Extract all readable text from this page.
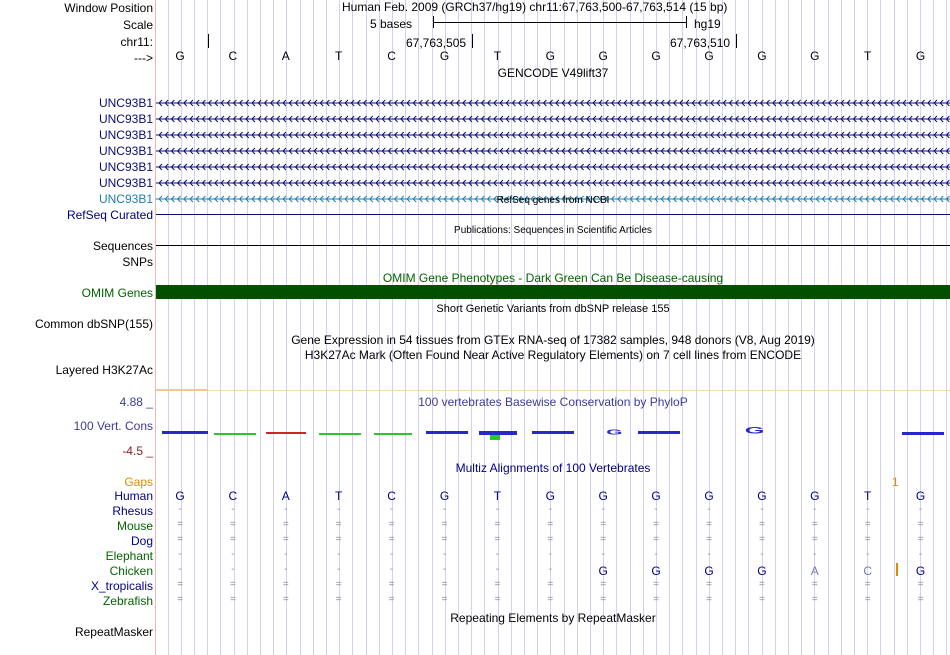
Window Position	Human Feb. 2009 (GRCh37/hg19) chr11:67,763,500-67,763,514 (15 bp)
Scale	5 bases	hg19
chr11:	67,763,505	67,763,510
--->	G	C	A	T	C	G	T	G	G	G	G	G	G	T	G
GENCODE V49lift37
UNC93B1
UNC93B1
UNC93B1
UNC93B1
UNC93B1
UNC93B1
UNC93B1	RefSeq genes from NCBI
RefSeq Curated
Publications: Sequences in Scientific Articles
Sequences
SNPs
OMIM Gene Phenotypes - Dark Green Can Be Disease-causing
OMIM Genes
Short Genetic Variants from dbSNP release 155
Common dbSNP(155)
Gene Expression in 54 tissues from GTEx RNA-seq of 17382 samples, 948 donors (V8, Aug 2019)
H3K27Ac Mark (Often Found Near Active Regulatory Elements) on 7 cell lines from ENCODE
Layered H3K27Ac
4.88 _	100 vertebrates Basewise Conservation by PhyloP
100 Vert. Cons
-4.5 _
G	G
Multiz Alignments of 100 Vertebrates
Gaps	1
Human	G	C	A	T	C	G	T	G	G	G	G	G	G	T	G
Rhesus	-	-	-	-	-	-	-	-	-	-	-	-	-	-	-
Mouse	=	=	=	=	=	=	=	=	=	=	=	=	=	=	=
Dog	=	=	=	=	=	=	=	=	=	=	=	=	=	=	=
Elephant	-	-	-	-	-	-	-	-	-	-	-	-	-	-	-
Chicken	-	-	-	-	-	-	-	-	G	G	G	G	A	C	G
X_tropicalis	=	=	=	=	=	=	=	=	=	=	=	=	=	=	=
Zebrafish	=	=	=	=	=	=	=	=	=	=	=	=	=	=	=
Repeating Elements by RepeatMasker
RepeatMasker
